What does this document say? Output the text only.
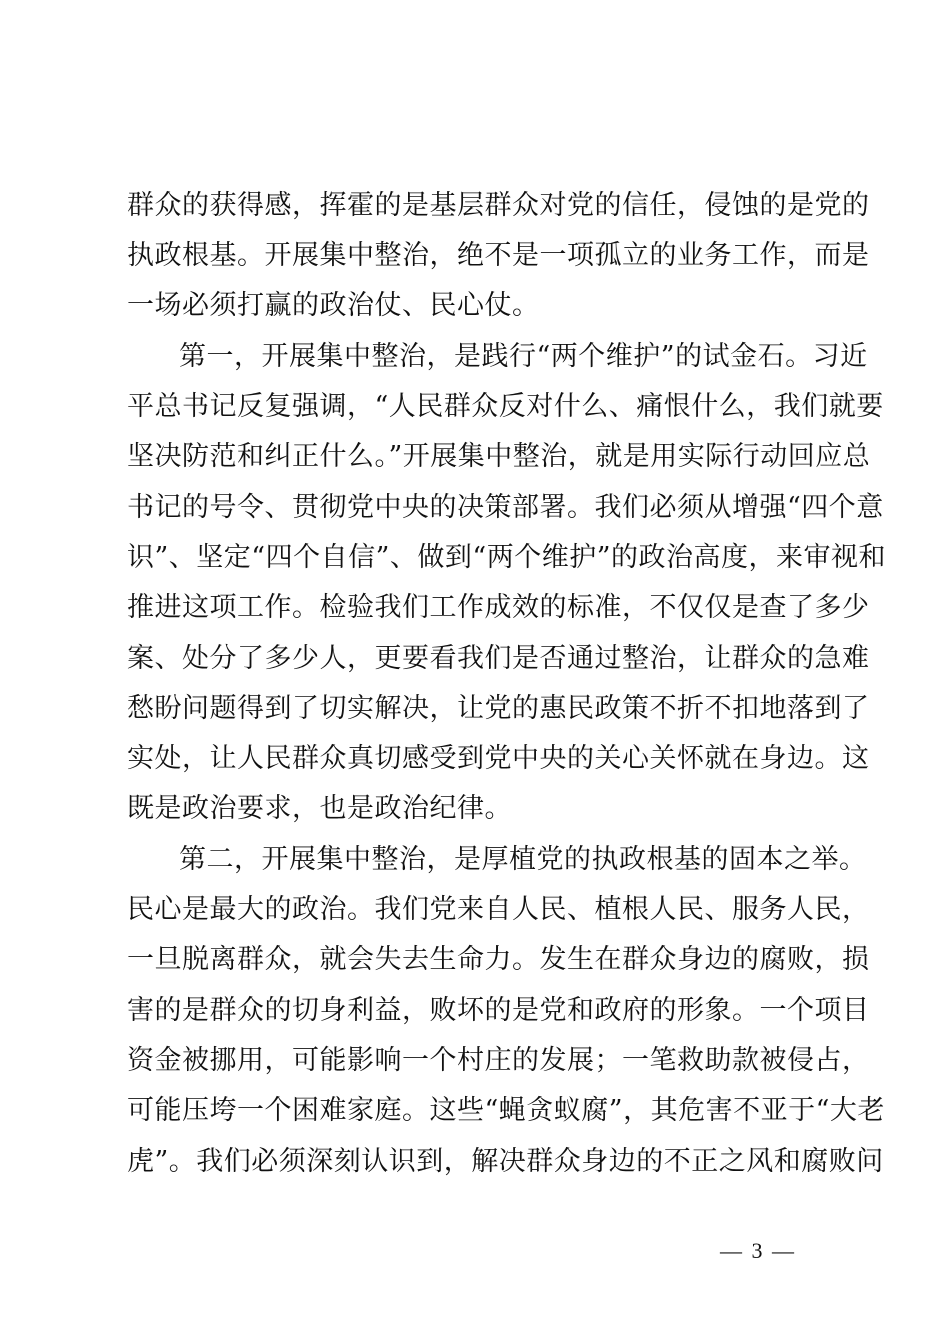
群众的获得感，挥霍的是基层群众对党的信任，侵蚀的是党的
执政根基。开展集中整治，绝不是一项孤立的业务工作，而是
一场必须打赢的政治仗、民心仗。
第一，开展集中整治，是践行“两个维护”的试金石。习近
平总书记反复强调，“人民群众反对什么、痛恨什么，我们就要
坚决防范和纠正什么。”开展集中整治，就是用实际行动回应总
书记的号令、贯彻党中央的决策部署。我们必须从增强“四个意
识”、坚定“四个自信”、做到“两个维护”的政治高度，来审视和
推进这项工作。检验我们工作成效的标准，不仅仅是查了多少
案、处分了多少人，更要看我们是否通过整治，让群众的急难
愁盼问题得到了切实解决，让党的惠民政策不折不扣地落到了
实处，让人民群众真切感受到党中央的关心关怀就在身边。这
既是政治要求，也是政治纪律。
第二，开展集中整治，是厚植党的执政根基的固本之举。
民心是最大的政治。我们党来自人民、植根人民、服务人民，
一旦脱离群众，就会失去生命力。发生在群众身边的腐败，损
害的是群众的切身利益，败坏的是党和政府的形象。一个项目
资金被挪用，可能影响一个村庄的发展；一笔救助款被侵占，
可能压垮一个困难家庭。这些“蝇贪蚁腐”，其危害不亚于“大老
虎”。我们必须深刻认识到，解决群众身边的不正之风和腐败问
— 3 —
